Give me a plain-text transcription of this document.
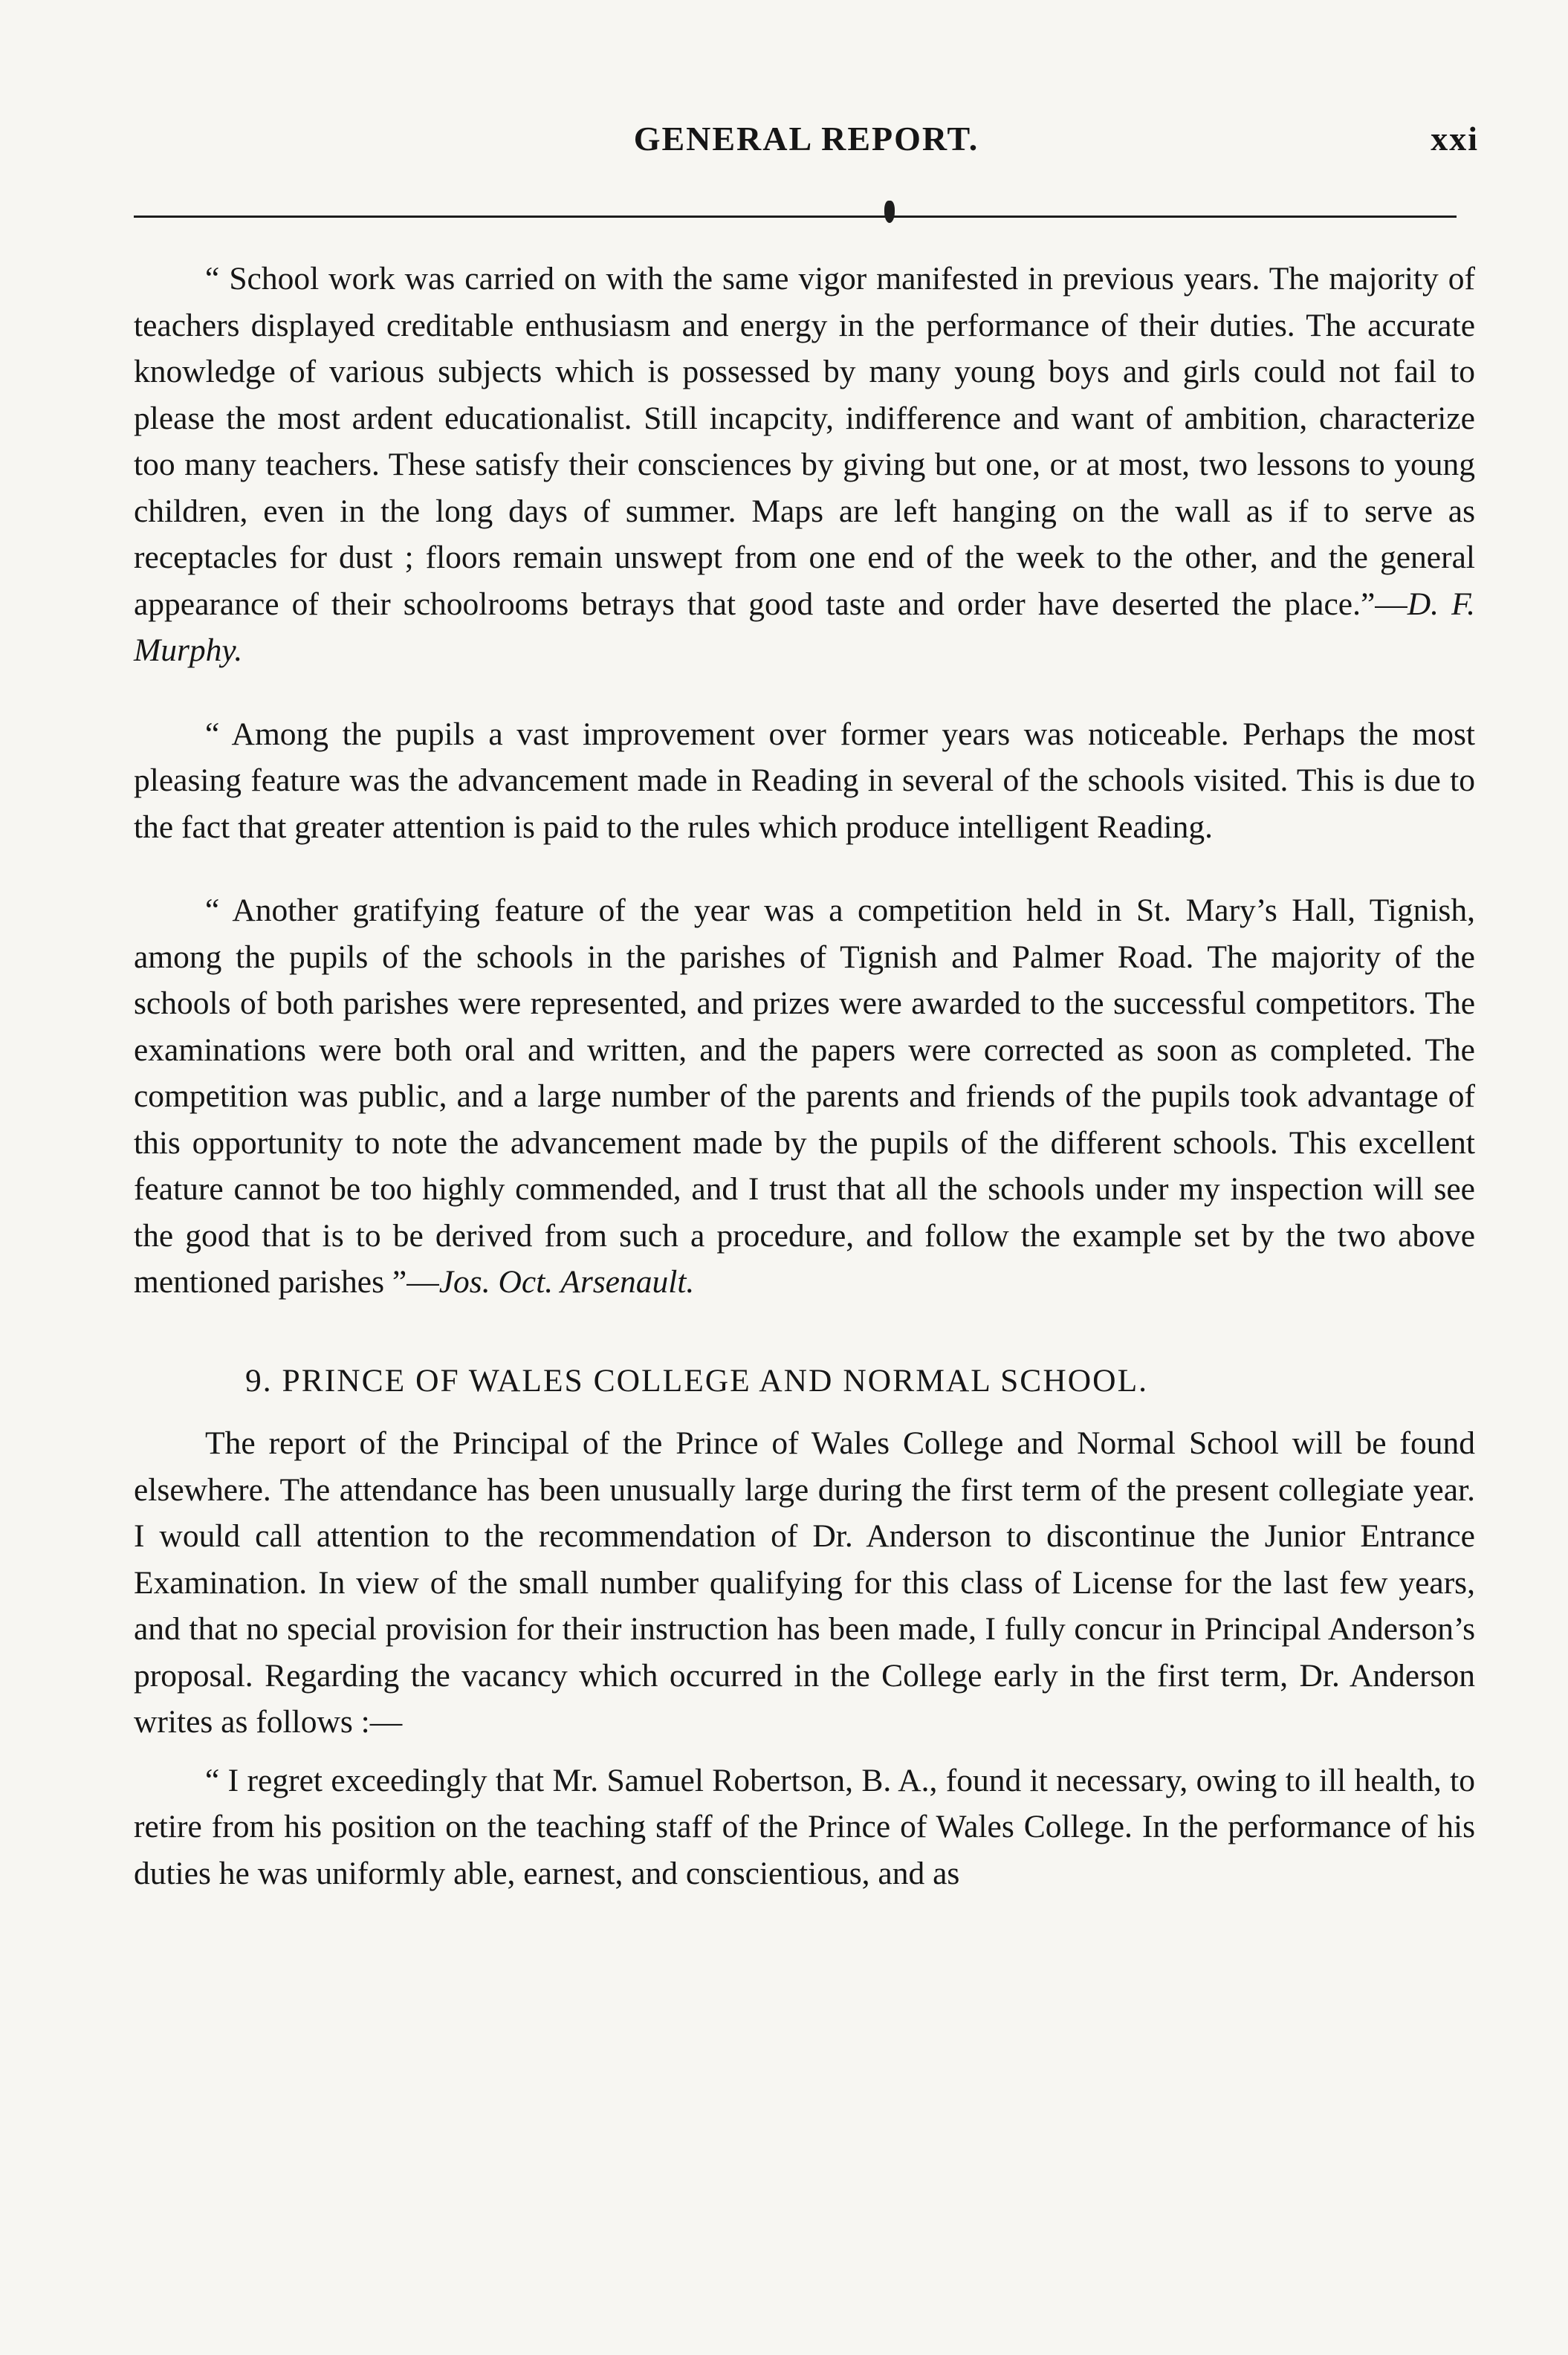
GENERAL REPORT.	xxi

“ School work was carried on with the same vigor manifested in previous years. The majority of teachers displayed creditable enthusiasm and energy in the performance of their duties. The accurate knowledge of various subjects which is possessed by many young boys and girls could not fail to please the most ardent educationalist. Still incapcity, indifference and want of ambition, characterize too many teachers. These satisfy their consciences by giving but one, or at most, two lessons to young children, even in the long days of summer. Maps are left hanging on the wall as if to serve as receptacles for dust ; floors remain unswept from one end of the week to the other, and the general appearance of their schoolrooms betrays that good taste and order have deserted the place.”—D. F. Murphy.

“ Among the pupils a vast improvement over former years was noticeable. Perhaps the most pleasing feature was the advancement made in Reading in several of the schools visited. This is due to the fact that greater attention is paid to the rules which produce intelligent Reading.

“ Another gratifying feature of the year was a competition held in St. Mary’s Hall, Tignish, among the pupils of the schools in the parishes of Tignish and Palmer Road. The majority of the schools of both parishes were represented, and prizes were awarded to the successful competitors. The examinations were both oral and written, and the papers were corrected as soon as completed. The competition was public, and a large number of the parents and friends of the pupils took advantage of this opportunity to note the advancement made by the pupils of the different schools. This excellent feature cannot be too highly commended, and I trust that all the schools under my inspection will see the good that is to be derived from such a procedure, and follow the example set by the two above mentioned parishes ”—Jos. Oct. Arsenault.

9. PRINCE OF WALES COLLEGE AND NORMAL SCHOOL.

The report of the Principal of the Prince of Wales College and Normal School will be found elsewhere. The attendance has been unusually large during the first term of the present collegiate year. I would call attention to the recommendation of Dr. Anderson to discontinue the Junior Entrance Examination. In view of the small number qualifying for this class of License for the last few years, and that no special provision for their instruction has been made, I fully concur in Principal Anderson’s proposal. Regarding the vacancy which occurred in the College early in the first term, Dr. Anderson writes as follows :—

“ I regret exceedingly that Mr. Samuel Robertson, B. A., found it necessary, owing to ill health, to retire from his position on the teaching staff of the Prince of Wales College. In the performance of his duties he was uniformly able, earnest, and conscientious, and as
